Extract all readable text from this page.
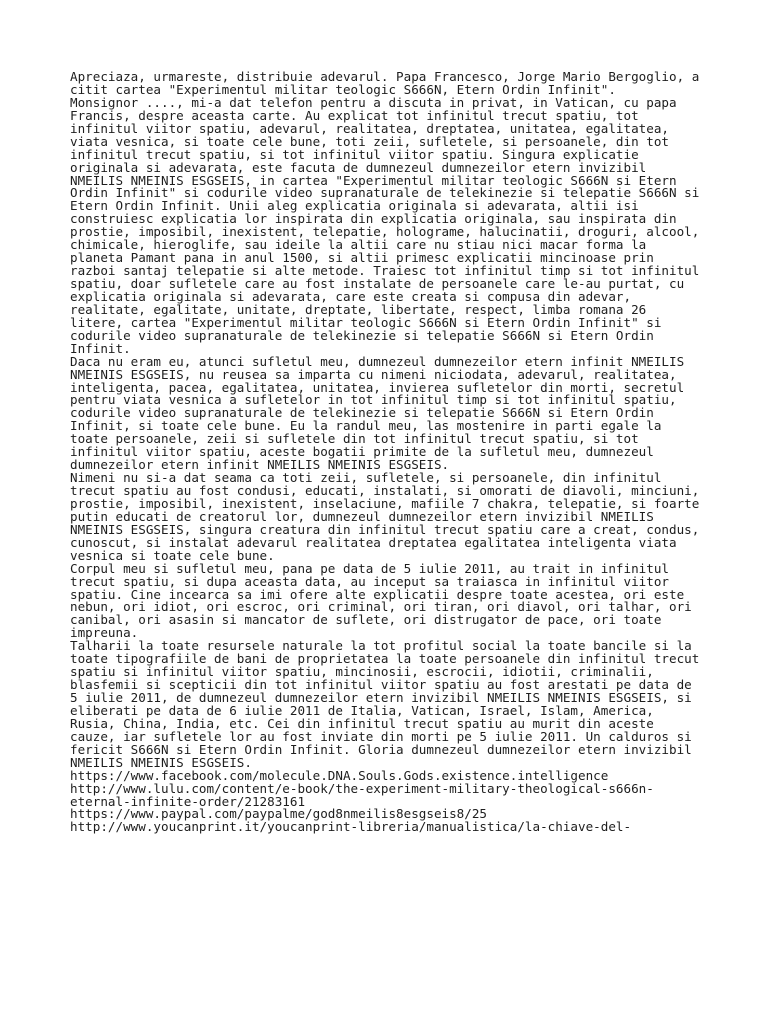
Apreciaza, urmareste, distribuie adevarul. Papa Francesco, Jorge Mario Bergoglio, a
citit cartea "Experimentul militar teologic S666N, Etern Ordin Infinit".
Monsignor ...., mi-a dat telefon pentru a discuta in privat, in Vatican, cu papa
Francis, despre aceasta carte. Au explicat tot infinitul trecut spatiu, tot
infinitul viitor spatiu, adevarul, realitatea, dreptatea, unitatea, egalitatea,
viata vesnica, si toate cele bune, toti zeii, sufletele, si persoanele, din tot
infinitul trecut spatiu, si tot infinitul viitor spatiu. Singura explicatie
originala si adevarata, este facuta de dumnezeul dumnezeilor etern invizibil
NMEILIS NMEINIS ESGSEIS, in cartea "Experimentul militar teologic S666N si Etern
Ordin Infinit" si codurile video supranaturale de telekinezie si telepatie S666N si
Etern Ordin Infinit. Unii aleg explicatia originala si adevarata, altii isi
construiesc explicatia lor inspirata din explicatia originala, sau inspirata din
prostie, imposibil, inexistent, telepatie, holograme, halucinatii, droguri, alcool,
chimicale, hieroglife, sau ideile la altii care nu stiau nici macar forma la
planeta Pamant pana in anul 1500, si altii primesc explicatii mincinoase prin
razboi santaj telepatie si alte metode. Traiesc tot infinitul timp si tot infinitul
spatiu, doar sufletele care au fost instalate de persoanele care le-au purtat, cu
explicatia originala si adevarata, care este creata si compusa din adevar,
realitate, egalitate, unitate, dreptate, libertate, respect, limba romana 26
litere, cartea "Experimentul militar teologic S666N si Etern Ordin Infinit" si
codurile video supranaturale de telekinezie si telepatie S666N si Etern Ordin
Infinit.
Daca nu eram eu, atunci sufletul meu, dumnezeul dumnezeilor etern infinit NMEILIS
NMEINIS ESGSEIS, nu reusea sa imparta cu nimeni niciodata, adevarul, realitatea,
inteligenta, pacea, egalitatea, unitatea, invierea sufletelor din morti, secretul
pentru viata vesnica a sufletelor in tot infinitul timp si tot infinitul spatiu,
codurile video supranaturale de telekinezie si telepatie S666N si Etern Ordin
Infinit, si toate cele bune. Eu la randul meu, las mostenire in parti egale la
toate persoanele, zeii si sufletele din tot infinitul trecut spatiu, si tot
infinitul viitor spatiu, aceste bogatii primite de la sufletul meu, dumnezeul
dumnezeilor etern infinit NMEILIS NMEINIS ESGSEIS.
Nimeni nu si-a dat seama ca toti zeii, sufletele, si persoanele, din infinitul
trecut spatiu au fost condusi, educati, instalati, si omorati de diavoli, minciuni,
prostie, imposibil, inexistent, inselaciune, mafiile 7 chakra, telepatie, si foarte
putin educati de creatorul lor, dumnezeul dumnezeilor etern invizibil NMEILIS
NMEINIS ESGSEIS, singura creatura din infinitul trecut spatiu care a creat, condus,
cunoscut, si instalat adevarul realitatea dreptatea egalitatea inteligenta viata
vesnica si toate cele bune.
Corpul meu si sufletul meu, pana pe data de 5 iulie 2011, au trait in infinitul
trecut spatiu, si dupa aceasta data, au inceput sa traiasca in infinitul viitor
spatiu. Cine incearca sa imi ofere alte explicatii despre toate acestea, ori este
nebun, ori idiot, ori escroc, ori criminal, ori tiran, ori diavol, ori talhar, ori
canibal, ori asasin si mancator de suflete, ori distrugator de pace, ori toate
impreuna.
Talharii la toate resursele naturale la tot profitul social la toate bancile si la
toate tipografiile de bani de proprietatea la toate persoanele din infinitul trecut
spatiu si infinitul viitor spatiu, mincinosii, escrocii, idiotii, criminalii,
blasfemii si scepticii din tot infinitul viitor spatiu au fost arestati pe data de
5 iulie 2011, de dumnezeul dumnezeilor etern invizibil NMEILIS NMEINIS ESGSEIS, si
eliberati pe data de 6 iulie 2011 de Italia, Vatican, Israel, Islam, America,
Rusia, China, India, etc. Cei din infinitul trecut spatiu au murit din aceste
cauze, iar sufletele lor au fost inviate din morti pe 5 iulie 2011. Un calduros si
fericit S666N si Etern Ordin Infinit. Gloria dumnezeul dumnezeilor etern invizibil
NMEILIS NMEINIS ESGSEIS.
https://www.facebook.com/molecule.DNA.Souls.Gods.existence.intelligence
http://www.lulu.com/content/e-book/the-experiment-military-theological-s666n-
eternal-infinite-order/21283161
https://www.paypal.com/paypalme/god8nmeilis8esgseis8/25
http://www.youcanprint.it/youcanprint-libreria/manualistica/la-chiave-del-
